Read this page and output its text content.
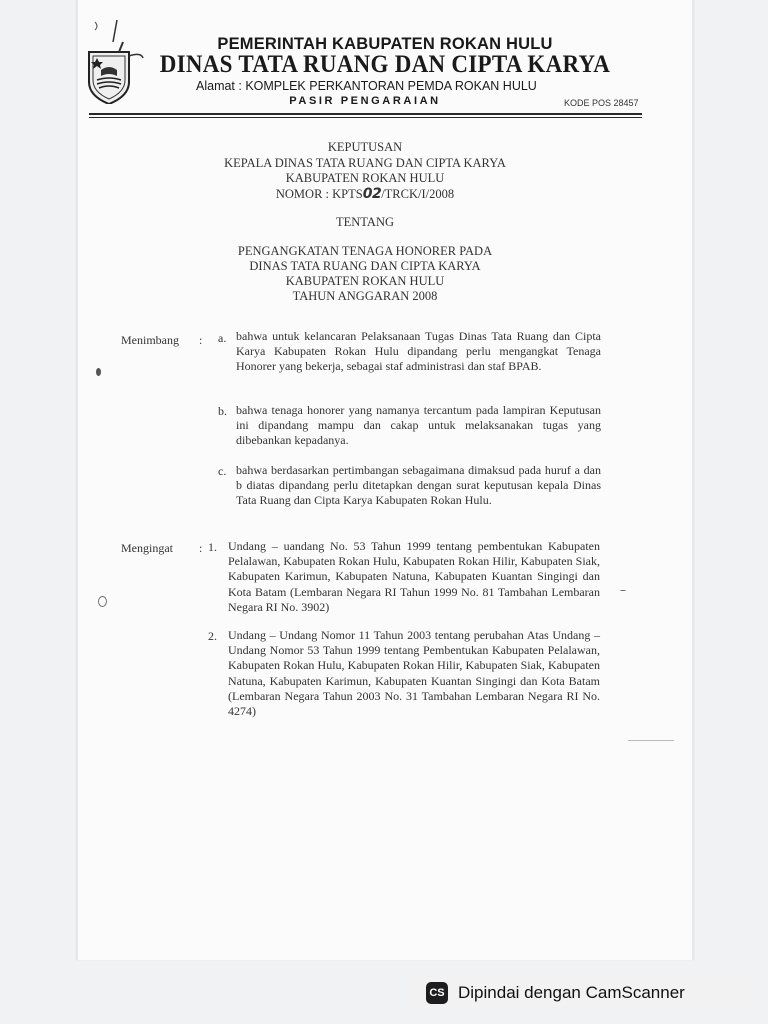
PEMERINTAH KABUPATEN ROKAN HULU
DINAS TATA RUANG DAN CIPTA KARYA
Alamat : KOMPLEK PERKANTORAN PEMDA ROKAN HULU
PASIR PENGARAIAN	KODE POS 28457
KEPUTUSAN
KEPALA DINAS TATA RUANG DAN CIPTA KARYA
KABUPATEN ROKAN HULU
NOMOR : KPTS02/TRCK/I/2008
TENTANG
PENGANGKATAN TENAGA HONORER PADA
DINAS TATA RUANG DAN CIPTA KARYA
KABUPATEN ROKAN HULU
TAHUN ANGGARAN 2008
Menimbang : a. bahwa untuk kelancaran Pelaksanaan Tugas Dinas Tata Ruang dan Cipta Karya Kabupaten Rokan Hulu dipandang perlu mengangkat Tenaga Honorer yang bekerja, sebagai staf administrasi dan staf BPAB.
b. bahwa tenaga honorer yang namanya tercantum pada lampiran Keputusan ini dipandang mampu dan cakap untuk melaksanakan tugas yang dibebankan kepadanya.
c. bahwa berdasarkan pertimbangan sebagaimana dimaksud pada huruf a dan b diatas dipandang perlu ditetapkan dengan surat keputusan kepala Dinas Tata Ruang dan Cipta Karya Kabupaten Rokan Hulu.
Mengingat : 1. Undang – uandang No. 53 Tahun 1999 tentang pembentukan Kabupaten Pelalawan, Kabupaten Rokan Hulu, Kabupaten Rokan Hilir, Kabupaten Siak, Kabupaten Karimun, Kabupaten Natuna, Kabupaten Kuantan Singingi dan Kota Batam (Lembaran Negara RI Tahun 1999 No. 81 Tambahan Lembaran Negara RI No. 3902)
2. Undang – Undang Nomor 11 Tahun 2003 tentang perubahan Atas Undang – Undang Nomor 53 Tahun 1999 tentang Pembentukan Kabupaten Pelalawan, Kabupaten Rokan Hulu, Kabupaten Rokan Hilir, Kabupaten Siak, Kabupaten Natuna, Kabupaten Karimun, Kabupaten Kuantan Singingi dan Kota Batam (Lembaran Negara Tahun 2003 No. 31 Tambahan Lembaran Negara RI No. 4274)
CS Dipindai dengan CamScanner
